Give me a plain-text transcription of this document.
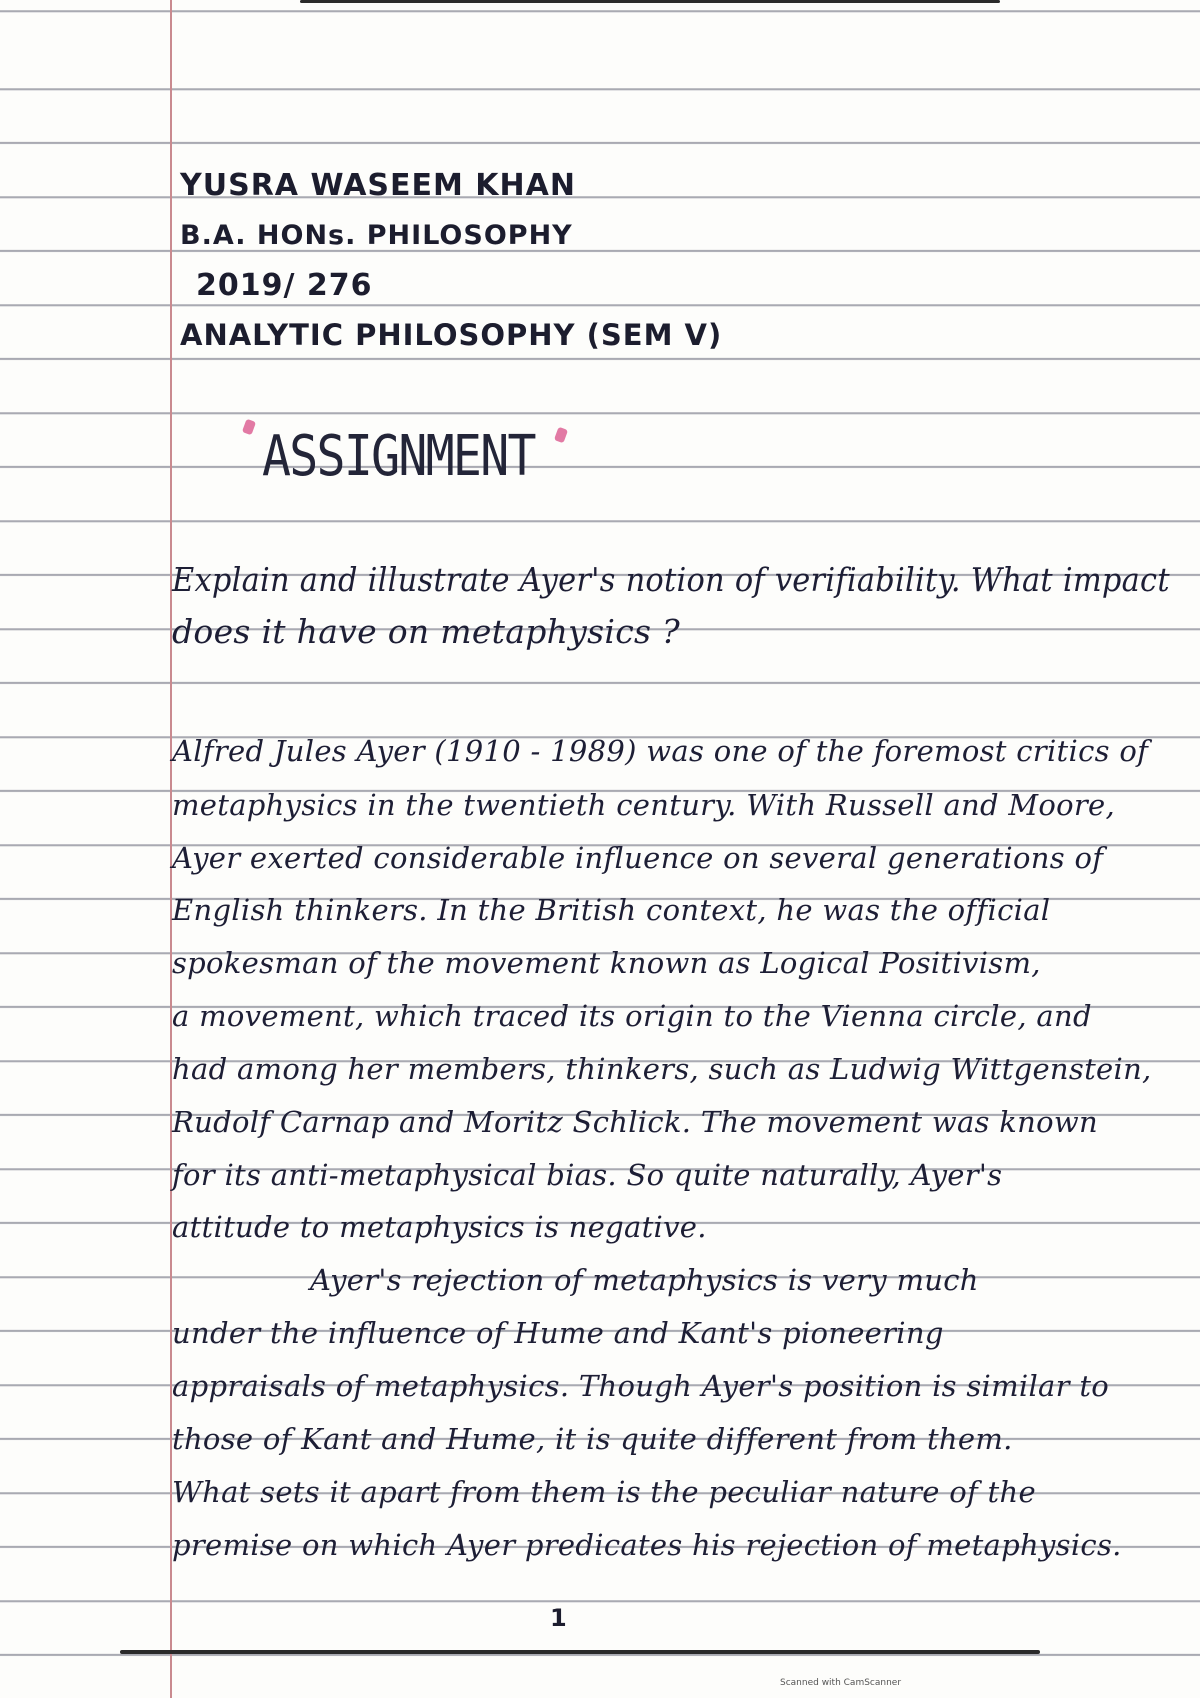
YUSRA WASEEM KHAN
B.A. HONs. PHILOSOPHY
2019/ 276
ANALYTIC PHILOSOPHY (SEM V)
ASSIGNMENT
Explain and illustrate Ayer's notion of verifiability. What impact
does it have on metaphysics ?
Alfred Jules Ayer (1910 - 1989) was one of the foremost critics of
metaphysics in the twentieth century. With Russell and Moore,
Ayer exerted considerable influence on several generations of
English thinkers. In the British context, he was the official
spokesman of the movement known as Logical Positivism,
a movement, which traced its origin to the Vienna circle, and
had among her members, thinkers, such as Ludwig Wittgenstein,
Rudolf Carnap and Moritz Schlick. The movement was known
for its anti-metaphysical bias. So quite naturally, Ayer's
attitude to metaphysics is negative.
Ayer's rejection of metaphysics is very much
under the influence of Hume and Kant's pioneering
appraisals of metaphysics. Though Ayer's position is similar to
those of Kant and Hume, it is quite different from them.
What sets it apart from them is the peculiar nature of the
premise on which Ayer predicates his rejection of metaphysics.
1
Scanned with CamScanner
